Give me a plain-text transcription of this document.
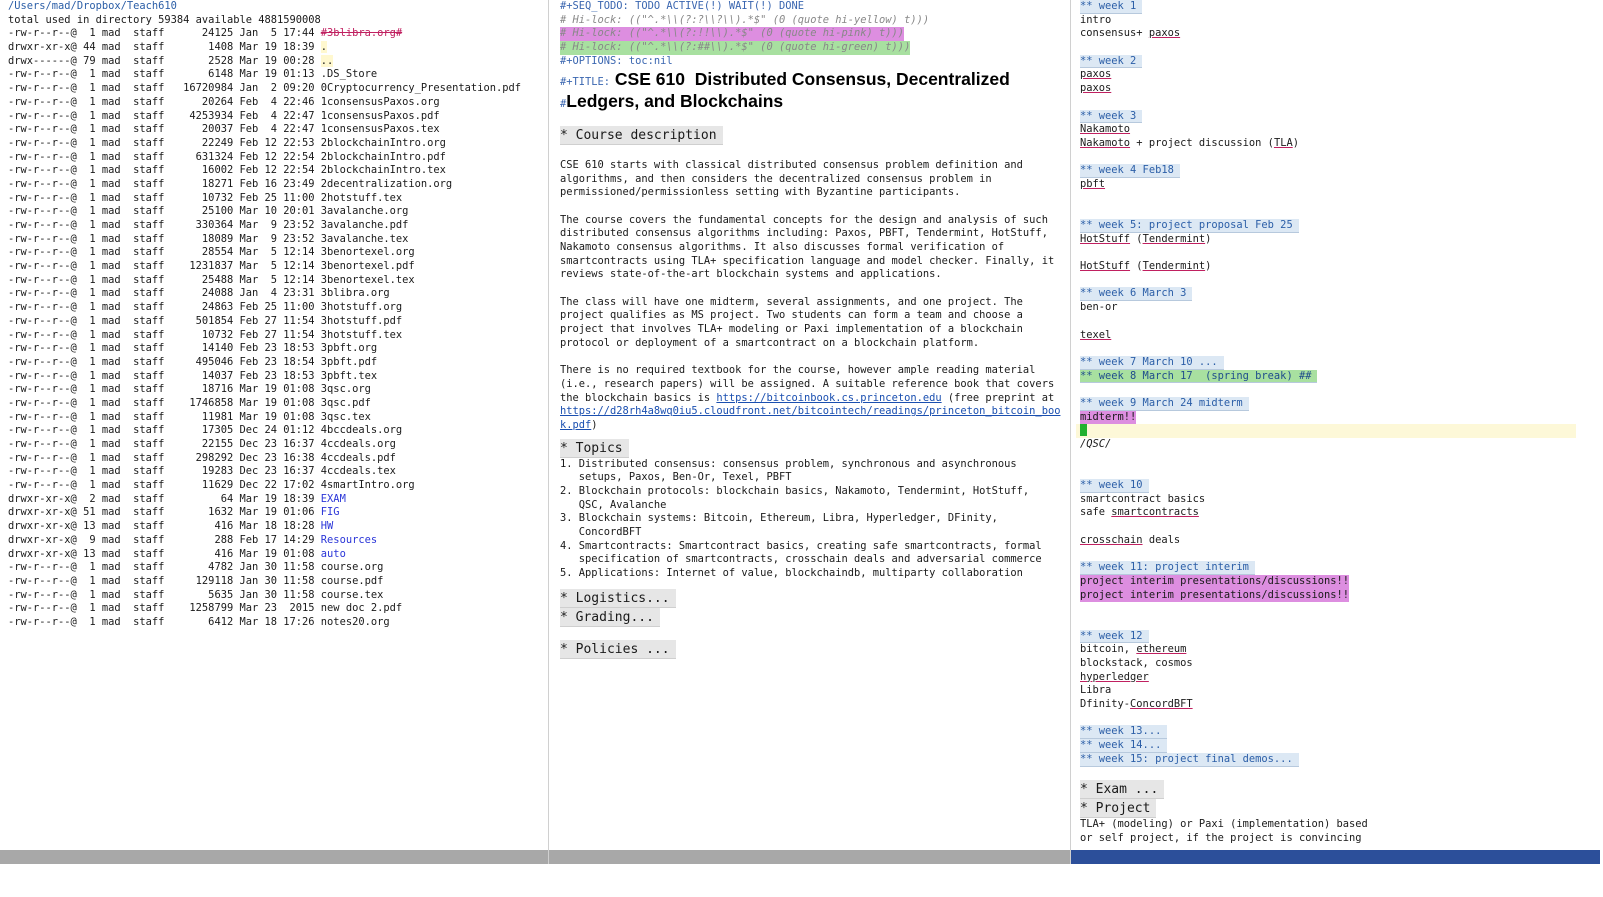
/Users/mad/Dropbox/Teach610
total used in directory 59384 available 4881590008
-rw-r--r--@  1 mad  staff      24125 Jan  5 17:44 #3blibra.org#
drwxr-xr-x@ 44 mad  staff       1408 Mar 19 18:39 .
drwx------@ 79 mad  staff       2528 Mar 19 00:28 ..
-rw-r--r--@  1 mad  staff       6148 Mar 19 01:13 .DS_Store
-rw-r--r--@  1 mad  staff   16720984 Jan  2 09:20 0Cryptocurrency_Presentation.pdf
-rw-r--r--@  1 mad  staff      20264 Feb  4 22:46 1consensusPaxos.org
-rw-r--r--@  1 mad  staff    4253934 Feb  4 22:47 1consensusPaxos.pdf
-rw-r--r--@  1 mad  staff      20037 Feb  4 22:47 1consensusPaxos.tex
-rw-r--r--@  1 mad  staff      22249 Feb 12 22:53 2blockchainIntro.org
-rw-r--r--@  1 mad  staff     631324 Feb 12 22:54 2blockchainIntro.pdf
-rw-r--r--@  1 mad  staff      16002 Feb 12 22:54 2blockchainIntro.tex
-rw-r--r--@  1 mad  staff      18271 Feb 16 23:49 2decentralization.org
-rw-r--r--@  1 mad  staff      10732 Feb 25 11:00 2hotstuff.tex
-rw-r--r--@  1 mad  staff      25100 Mar 10 20:01 3avalanche.org
-rw-r--r--@  1 mad  staff     330364 Mar  9 23:52 3avalanche.pdf
-rw-r--r--@  1 mad  staff      18089 Mar  9 23:52 3avalanche.tex
-rw-r--r--@  1 mad  staff      28554 Mar  5 12:14 3benortexel.org
-rw-r--r--@  1 mad  staff    1231837 Mar  5 12:14 3benortexel.pdf
-rw-r--r--@  1 mad  staff      25488 Mar  5 12:14 3benortexel.tex
-rw-r--r--@  1 mad  staff      24088 Jan  4 23:31 3blibra.org
-rw-r--r--@  1 mad  staff      24863 Feb 25 11:00 3hotstuff.org
-rw-r--r--@  1 mad  staff     501854 Feb 27 11:54 3hotstuff.pdf
-rw-r--r--@  1 mad  staff      10732 Feb 27 11:54 3hotstuff.tex
-rw-r--r--@  1 mad  staff      14140 Feb 23 18:53 3pbft.org
-rw-r--r--@  1 mad  staff     495046 Feb 23 18:54 3pbft.pdf
-rw-r--r--@  1 mad  staff      14037 Feb 23 18:53 3pbft.tex
-rw-r--r--@  1 mad  staff      18716 Mar 19 01:08 3qsc.org
-rw-r--r--@  1 mad  staff    1746858 Mar 19 01:08 3qsc.pdf
-rw-r--r--@  1 mad  staff      11981 Mar 19 01:08 3qsc.tex
-rw-r--r--@  1 mad  staff      17305 Dec 24 01:12 4bccdeals.org
-rw-r--r--@  1 mad  staff      22155 Dec 23 16:37 4ccdeals.org
-rw-r--r--@  1 mad  staff     298292 Dec 23 16:38 4ccdeals.pdf
-rw-r--r--@  1 mad  staff      19283 Dec 23 16:37 4ccdeals.tex
-rw-r--r--@  1 mad  staff      11629 Dec 22 17:02 4smartIntro.org
drwxr-xr-x@  2 mad  staff         64 Mar 19 18:39 EXAM
drwxr-xr-x@ 51 mad  staff       1632 Mar 19 01:06 FIG
drwxr-xr-x@ 13 mad  staff        416 Mar 18 18:28 HW
drwxr-xr-x@  9 mad  staff        288 Feb 17 14:29 Resources
drwxr-xr-x@ 13 mad  staff        416 Mar 19 01:08 auto
-rw-r--r--@  1 mad  staff       4782 Jan 30 11:58 course.org
-rw-r--r--@  1 mad  staff     129118 Jan 30 11:58 course.pdf
-rw-r--r--@  1 mad  staff       5635 Jan 30 11:58 course.tex
-rw-r--r--@  1 mad  staff    1258799 Mar 23  2015 new doc 2.pdf
-rw-r--r--@  1 mad  staff       6412 Mar 18 17:26 notes20.org
#+SEQ_TODO: TODO ACTIVE(!) WAIT(!) DONE
# Hi-lock: (("^.*\\(?:?\\?\\).*$" (0 (quote hi-yellow) t)))
# Hi-lock: (("^.*\\(?:!!\\).*$" (0 (quote hi-pink) t)))
# Hi-lock: (("^.*\\(?:##\\).*$" (0 (quote hi-green) t)))
#+OPTIONS: toc:nil
#+TITLE: CSE 610  Distributed Consensus, Decentralized
#Ledgers, and Blockchains
* Course description
CSE 610 starts with classical distributed consensus problem definition and
algorithms, and then considers the decentralized consensus problem in
permissioned/permissionless setting with Byzantine participants.
The course covers the fundamental concepts for the design and analysis of such
distributed consensus algorithms including: Paxos, PBFT, Tendermint, HotStuff,
Nakamoto consensus algorithms. It also discusses formal verification of
smartcontracts using TLA+ specification language and model checker. Finally, it
reviews state-of-the-art blockchain systems and applications.
The class will have one midterm, several assignments, and one project. The
project qualifies as MS project. Two students can form a team and choose a
project that involves TLA+ modeling or Paxi implementation of a blockchain
protocol or deployment of a smartcontract on a blockchain platform.
There is no required textbook for the course, however ample reading material
(i.e., research papers) will be assigned. A suitable reference book that covers
the blockchain basics is https://bitcoinbook.cs.princeton.edu (free preprint at
https://d28rh4a8wq0iu5.cloudfront.net/bitcointech/readings/princeton_bitcoin_boo
k.pdf)
* Topics
1. Distributed consensus: consensus problem, synchronous and asynchronous
setups, Paxos, Ben-Or, Texel, PBFT
2. Blockchain protocols: blockchain basics, Nakamoto, Tendermint, HotStuff,
QSC, Avalanche
3. Blockchain systems: Bitcoin, Ethereum, Libra, Hyperledger, DFinity,
ConcordBFT
4. Smartcontracts: Smartcontract basics, creating safe smartcontracts, formal
specification of smartcontracts, crosschain deals and adversarial commerce
5. Applications: Internet of value, blockchaindb, multiparty collaboration
* Logistics...
* Grading...
* Policies ...
** week 1
intro
consensus+ paxos
** week 2
paxos
paxos
** week 3
Nakamoto
Nakamoto + project discussion (TLA)
** week 4 Feb18
pbft
** week 5: project proposal Feb 25
HotStuff (Tendermint)
HotStuff (Tendermint)
** week 6 March 3
ben-or
texel
** week 7 March 10 ...
** week 8 March 17  (spring break) ##
** week 9 March 24 midterm
midterm!!
/QSC/
** week 10
smartcontract basics
safe smartcontracts
crosschain deals
** week 11: project interim
project interim presentations/discussions!!
project interim presentations/discussions!!
** week 12
bitcoin, ethereum
blockstack, cosmos
hyperledger
Libra
Dfinity-ConcordBFT
** week 13...
** week 14...
** week 15: project final demos...
* Exam ...
* Project
TLA+ (modeling) or Paxi (implementation) based
or self project, if the project is convincing
